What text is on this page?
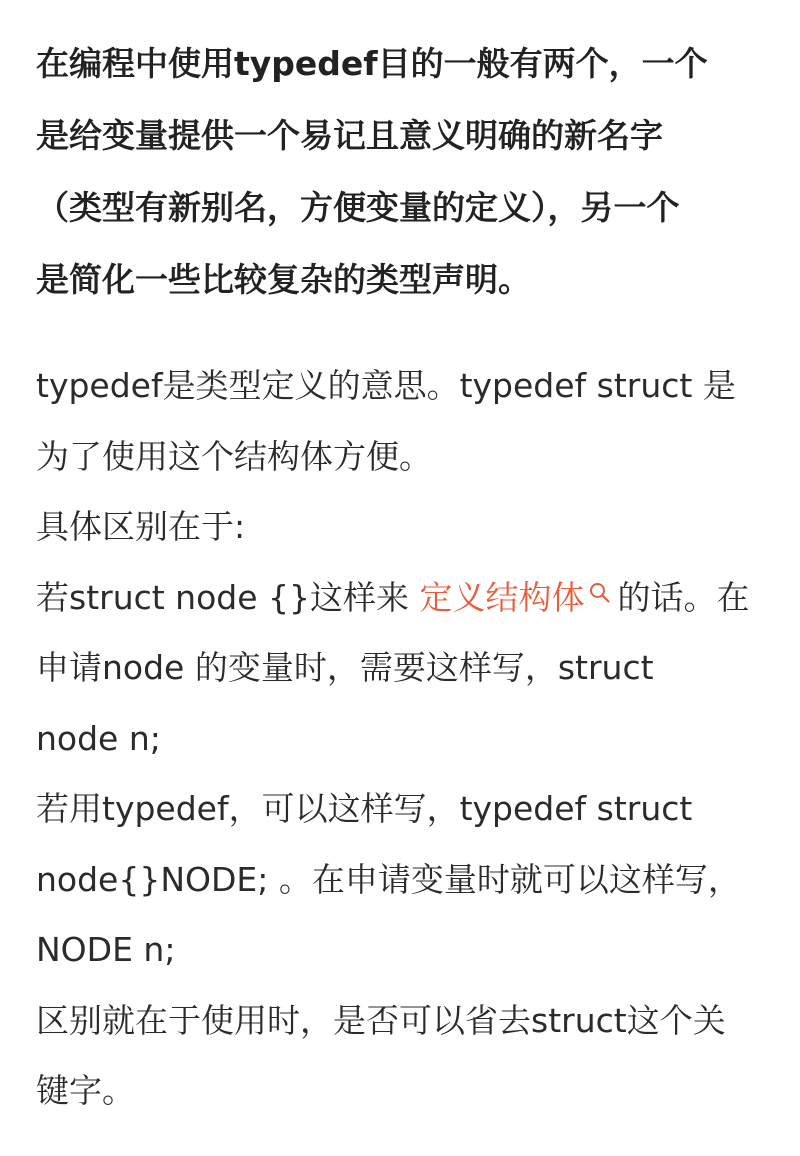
在编程中使用typedef目的一般有两个，一个
是给变量提供一个易记且意义明确的新名字
（类型有新别名，方便变量的定义），另一个
是简化一些比较复杂的类型声明。
typedef是类型定义的意思。typedef struct 是
为了使用这个结构体方便。
具体区别在于:
若struct node {}这样来 定义结构体 的话。在
申请node 的变量时，需要这样写，struct
node n;
若用typedef，可以这样写，typedef struct
node{}NODE; 。在申请变量时就可以这样写，
NODE n;
区别就在于使用时，是否可以省去struct这个关
键字。
